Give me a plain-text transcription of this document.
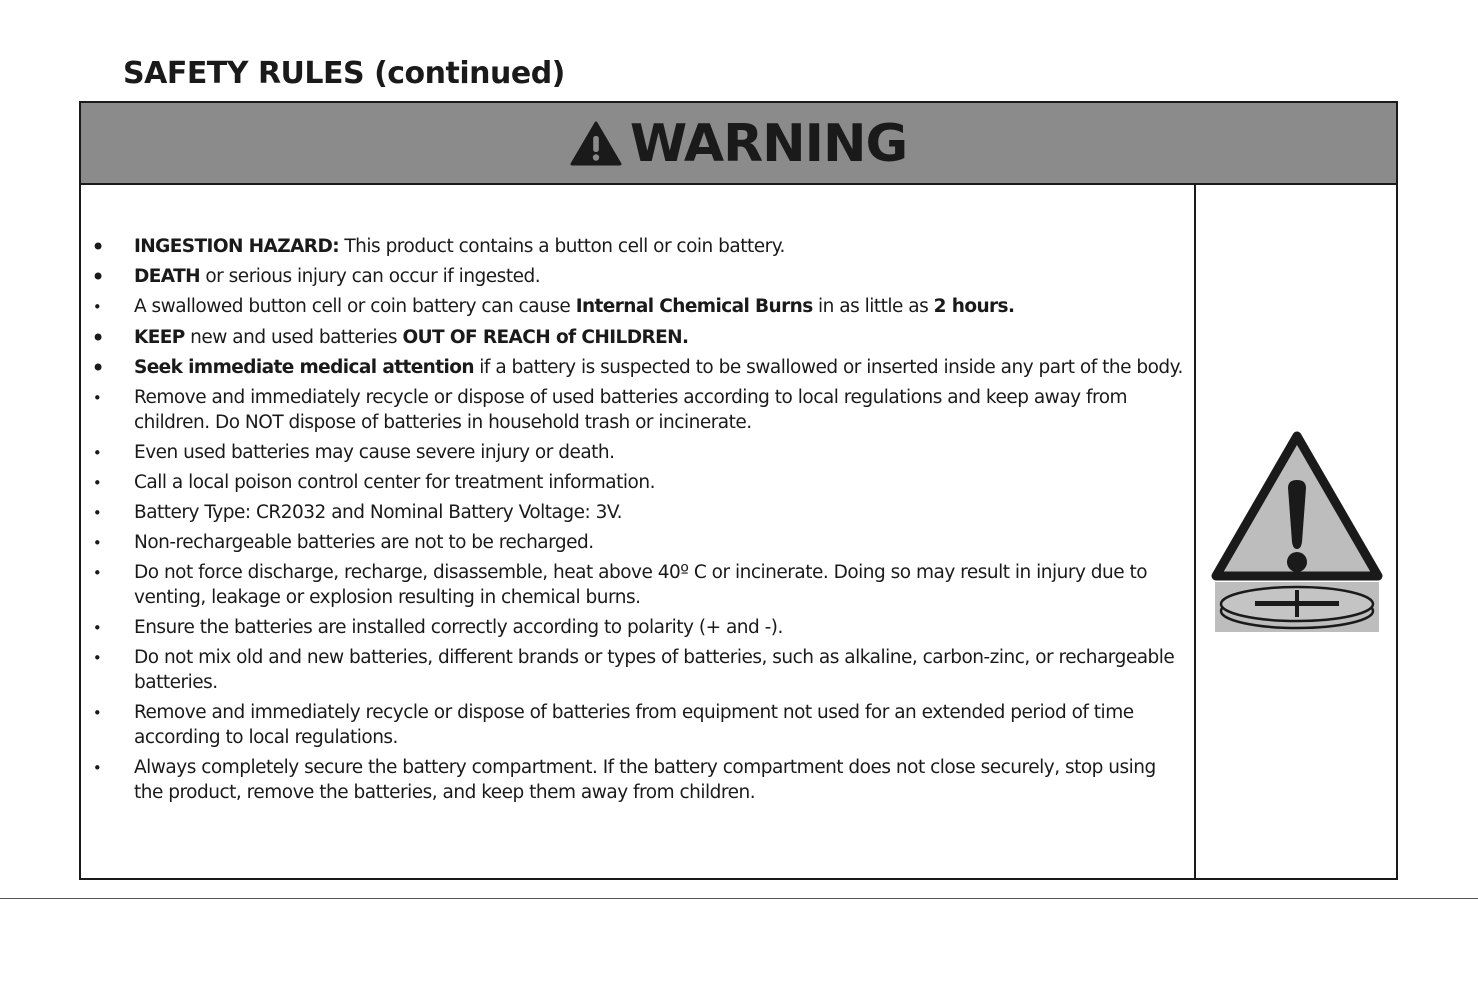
SAFETY RULES (continued)
WARNING
• INGESTION HAZARD: This product contains a button cell or coin battery.
• DEATH or serious injury can occur if ingested.
• A swallowed button cell or coin battery can cause Internal Chemical Burns in as little as 2 hours.
• KEEP new and used batteries OUT OF REACH of CHILDREN.
• Seek immediate medical attention if a battery is suspected to be swallowed or inserted inside any part of the body.
• Remove and immediately recycle or dispose of used batteries according to local regulations and keep away from children. Do NOT dispose of batteries in household trash or incinerate.
• Even used batteries may cause severe injury or death.
• Call a local poison control center for treatment information.
• Battery Type: CR2032 and Nominal Battery Voltage: 3V.
• Non-rechargeable batteries are not to be recharged.
• Do not force discharge, recharge, disassemble, heat above 40º C or incinerate. Doing so may result in injury due to venting, leakage or explosion resulting in chemical burns.
• Ensure the batteries are installed correctly according to polarity (+ and -).
• Do not mix old and new batteries, different brands or types of batteries, such as alkaline, carbon-zinc, or rechargeable batteries.
• Remove and immediately recycle or dispose of batteries from equipment not used for an extended period of time according to local regulations.
• Always completely secure the battery compartment. If the battery compartment does not close securely, stop using the product, remove the batteries, and keep them away from children.
